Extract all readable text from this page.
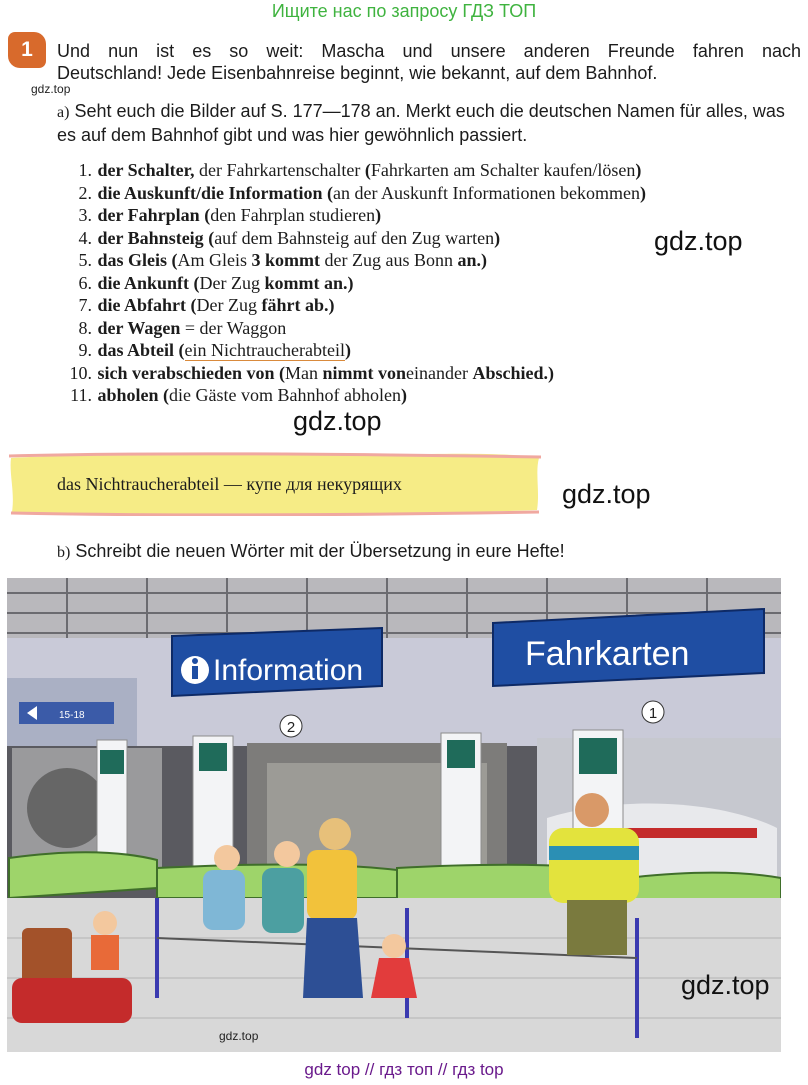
Ищите нас по запросу ГДЗ ТОП
1	Und nun ist es so weit: Mascha und unsere anderen Freunde fahren nach
Deutschland! Jede Eisenbahnreise beginnt, wie bekannt, auf dem Bahnhof.
gdz.top
a) Seht euch die Bilder auf S. 177—178 an. Merkt euch die deutschen Namen für alles, was es auf dem Bahnhof gibt und was hier gewöhnlich passiert.
1. der Schalter, der Fahrkartenschalter (Fahrkarten am Schalter kaufen/lösen)
2. die Auskunft/die Information (an der Auskunft Informationen bekommen)
3. der Fahrplan (den Fahrplan studieren)
4. der Bahnsteig (auf dem Bahnsteig auf den Zug warten)
5. das Gleis (Am Gleis 3 kommt der Zug aus Bonn an.)
6. die Ankunft (Der Zug kommt an.)
7. die Abfahrt (Der Zug fährt ab.)
8. der Wagen = der Waggon
9. das Abteil (ein Nichtraucherabteil)
10. sich verabschieden von (Man nimmt voneinander Abschied.)
11. abholen (die Gäste vom Bahnhof abholen)
gdz.top
gdz.top
gdz.top
das Nichtraucherabteil — купе для некурящих
b) Schreibt die neuen Wörter mit der Übersetzung in eure Hefte!
15-18
Information	Fahrkarten
2
1
gdz.top
gdz.top
gdz top // гдз топ // гдз top
